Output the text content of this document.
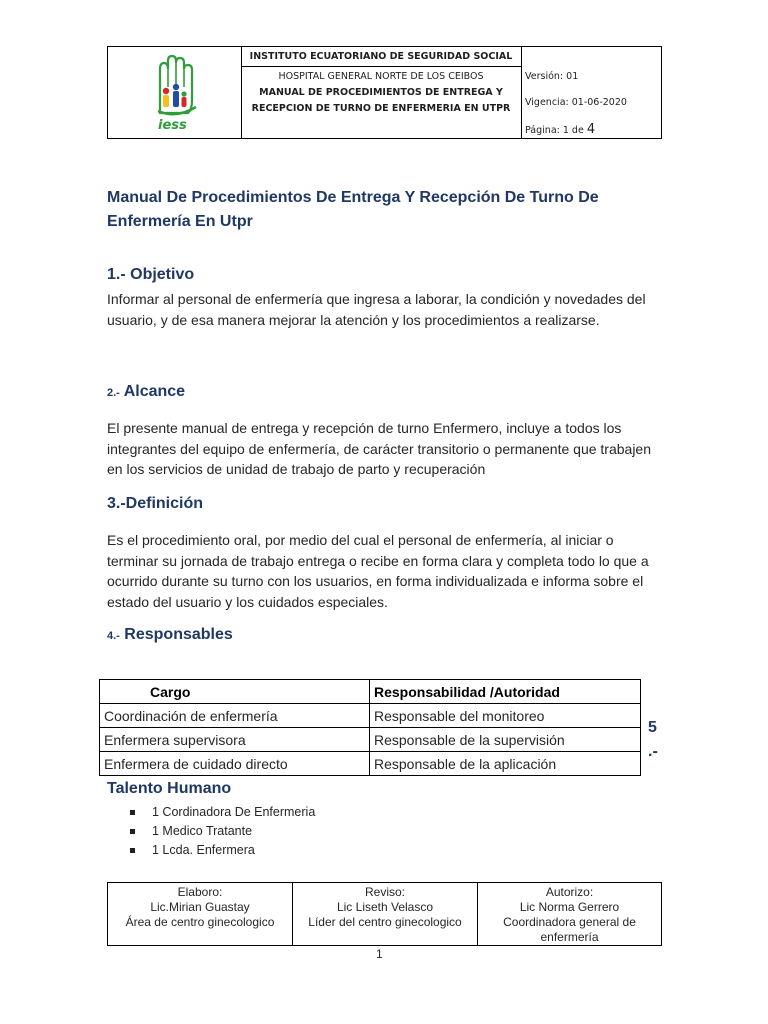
iess
INSTITUTO ECUATORIANO DE SEGURIDAD SOCIAL
HOSPITAL GENERAL NORTE DE LOS CEIBOS
MANUAL DE PROCEDIMIENTOS DE ENTREGA Y
RECEPCION DE TURNO DE ENFERMERIA EN UTPR
Versión: 01
Vigencia: 01-06-2020
Página: 1 de 4
Manual De Procedimientos De Entrega Y Recepción De Turno De Enfermería En Utpr
1.- Objetivo
Informar al personal de enfermería que ingresa a laborar, la condición y novedades del usuario, y de esa manera mejorar la atención y los procedimientos a realizarse.
2.- Alcance
El presente manual de entrega y recepción de turno Enfermero, incluye a todos los integrantes del equipo de enfermería, de carácter transitorio o permanente que trabajen en los servicios de unidad de trabajo de parto y recuperación
3.-Definición
Es el procedimiento oral, por medio del cual el personal de enfermería, al iniciar o terminar su jornada de trabajo entrega o recibe en forma clara y completa todo lo que a ocurrido durante su turno con los usuarios, en forma individualizada e informa sobre el estado del usuario y los cuidados especiales.
4.- Responsables
Cargo	Responsabilidad /Autoridad
Coordinación de enfermería	Responsable del monitoreo
Enfermera supervisora	Responsable de la supervisión
Enfermera de cuidado directo	Responsable de la aplicación
5
.-
Talento Humano
1 Cordinadora De Enfermeria
1 Medico Tratante
1 Lcda. Enfermera
Elaboro:
Lic.Mirian Guastay
Área de centro ginecologico
Reviso:
Lic Liseth Velasco
Líder del centro ginecologico
Autorizo:
Lic Norma Gerrero
Coordinadora general de enfermería
1
